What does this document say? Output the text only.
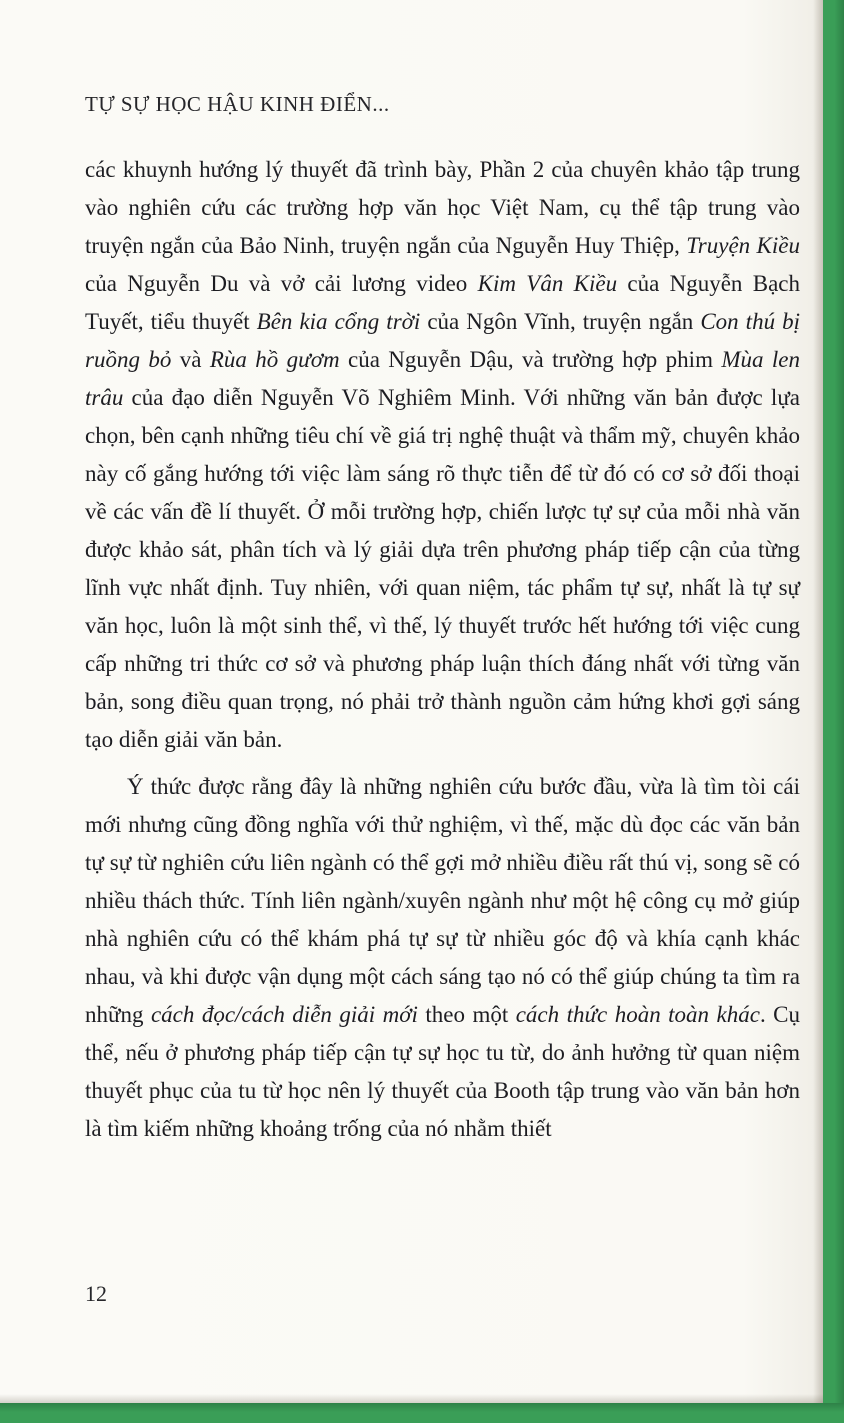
TỰ SỰ HỌC HẬU KINH ĐIỂN...

các khuynh hướng lý thuyết đã trình bày, Phần 2 của chuyên khảo tập trung vào nghiên cứu các trường hợp văn học Việt Nam, cụ thể tập trung vào truyện ngắn của Bảo Ninh, truyện ngắn của Nguyễn Huy Thiệp, Truyện Kiều của Nguyễn Du và vở cải lương video Kim Vân Kiều của Nguyễn Bạch Tuyết, tiểu thuyết Bên kia cổng trời của Ngôn Vĩnh, truyện ngắn Con thú bị ruồng bỏ và Rùa hồ gươm của Nguyễn Dậu, và trường hợp phim Mùa len trâu của đạo diễn Nguyễn Võ Nghiêm Minh. Với những văn bản được lựa chọn, bên cạnh những tiêu chí về giá trị nghệ thuật và thẩm mỹ, chuyên khảo này cố gắng hướng tới việc làm sáng rõ thực tiễn để từ đó có cơ sở đối thoại về các vấn đề lí thuyết. Ở mỗi trường hợp, chiến lược tự sự của mỗi nhà văn được khảo sát, phân tích và lý giải dựa trên phương pháp tiếp cận của từng lĩnh vực nhất định. Tuy nhiên, với quan niệm, tác phẩm tự sự, nhất là tự sự văn học, luôn là một sinh thể, vì thế, lý thuyết trước hết hướng tới việc cung cấp những tri thức cơ sở và phương pháp luận thích đáng nhất với từng văn bản, song điều quan trọng, nó phải trở thành nguồn cảm hứng khơi gợi sáng tạo diễn giải văn bản.

Ý thức được rằng đây là những nghiên cứu bước đầu, vừa là tìm tòi cái mới nhưng cũng đồng nghĩa với thử nghiệm, vì thế, mặc dù đọc các văn bản tự sự từ nghiên cứu liên ngành có thể gợi mở nhiều điều rất thú vị, song sẽ có nhiều thách thức. Tính liên ngành/xuyên ngành như một hệ công cụ mở giúp nhà nghiên cứu có thể khám phá tự sự từ nhiều góc độ và khía cạnh khác nhau, và khi được vận dụng một cách sáng tạo nó có thể giúp chúng ta tìm ra những cách đọc/cách diễn giải mới theo một cách thức hoàn toàn khác. Cụ thể, nếu ở phương pháp tiếp cận tự sự học tu từ, do ảnh hưởng từ quan niệm thuyết phục của tu từ học nên lý thuyết của Booth tập trung vào văn bản hơn là tìm kiếm những khoảng trống của nó nhằm thiết

12
